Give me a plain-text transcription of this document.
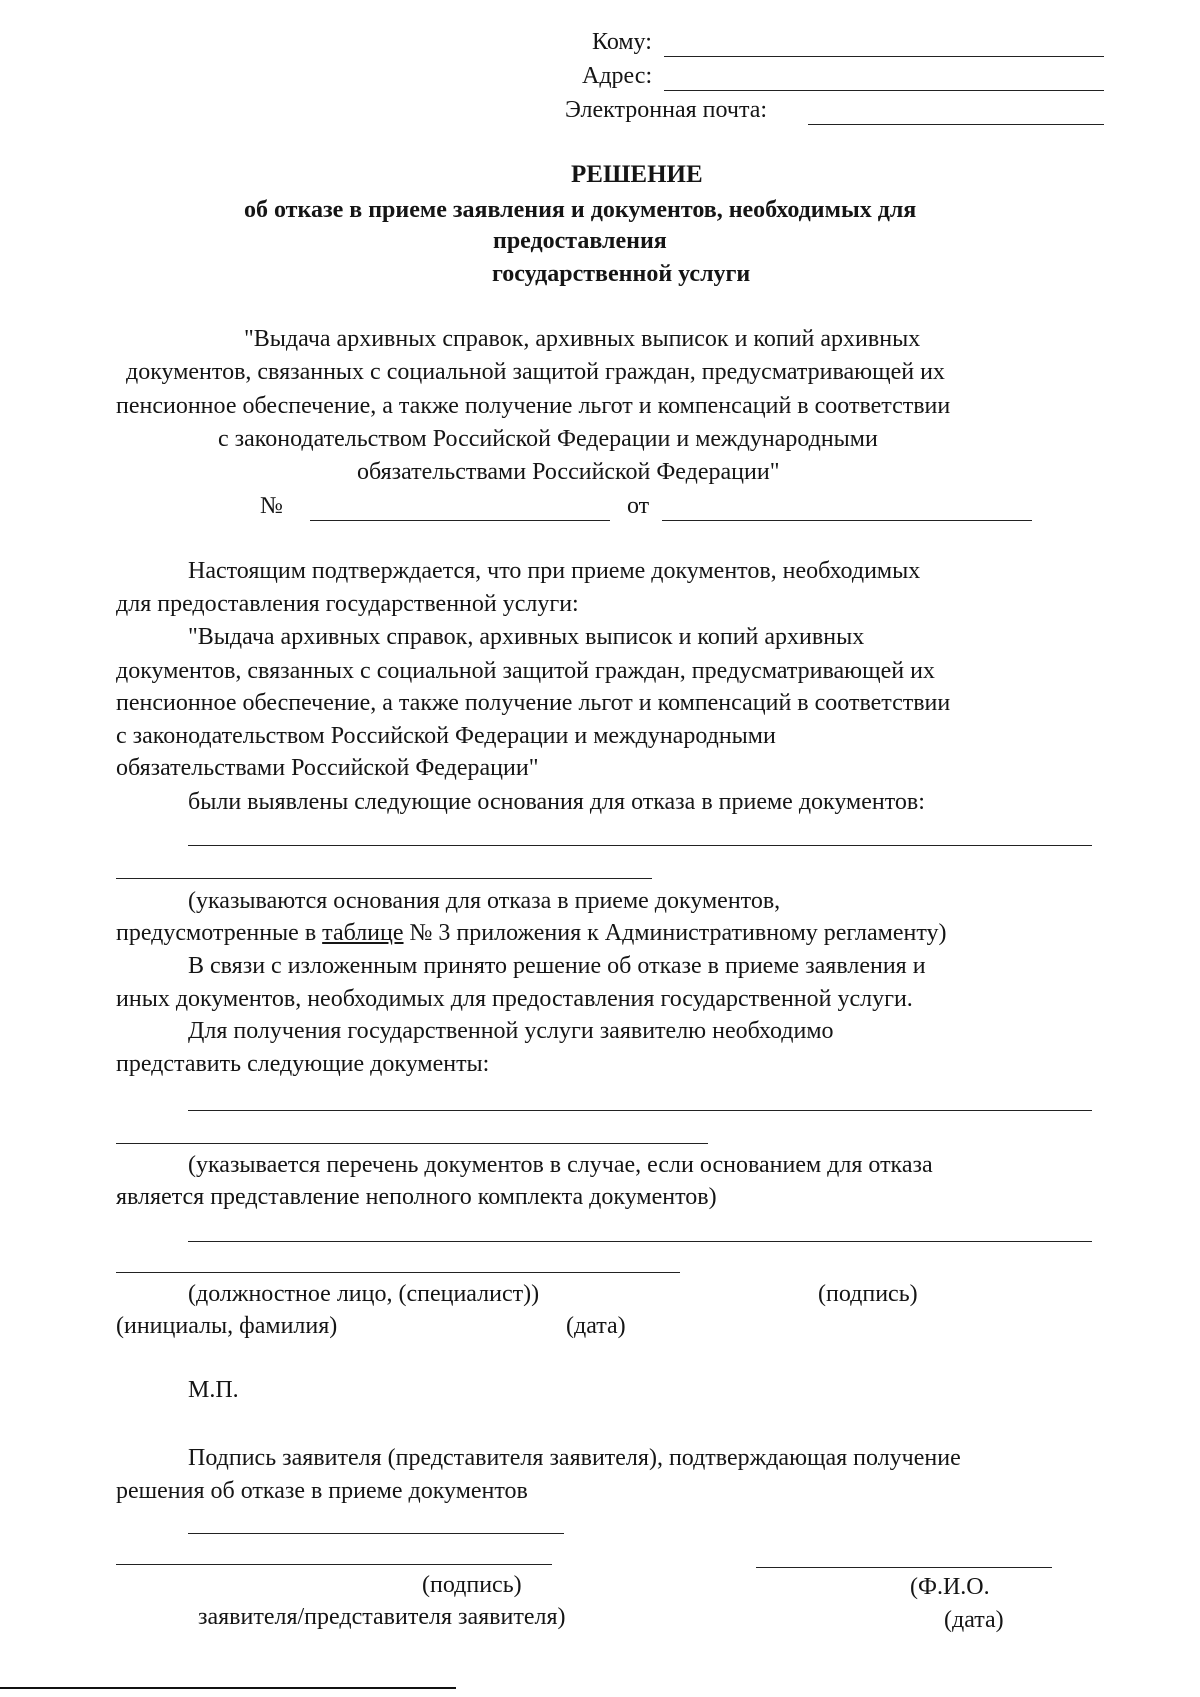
Кому:
Адрес:
Электронная почта:
РЕШЕНИЕ
об отказе в приеме заявления и документов, необходимых для
предоставления
государственной услуги
"Выдача архивных справок, архивных выписок и копий архивных
документов, связанных с социальной защитой граждан, предусматривающей их
пенсионное обеспечение, а также получение льгот и компенсаций в соответствии
с законодательством Российской Федерации и международными
обязательствами Российской Федерации"
№	от
Настоящим подтверждается, что при приеме документов, необходимых
для предоставления государственной услуги:
"Выдача архивных справок, архивных выписок и копий архивных
документов, связанных с социальной защитой граждан, предусматривающей их
пенсионное обеспечение, а также получение льгот и компенсаций в соответствии
с законодательством Российской Федерации и международными
обязательствами Российской Федерации"
были выявлены следующие основания для отказа в приеме документов:
(указываются основания для отказа в приеме документов,
предусмотренные в таблице № 3 приложения к Административному регламенту)
В связи с изложенным принято решение об отказе в приеме заявления и
иных документов, необходимых для предоставления государственной услуги.
Для получения государственной услуги заявителю необходимо
представить следующие документы:
(указывается перечень документов в случае, если основанием для отказа
является представление неполного комплекта документов)
(должностное лицо, (специалист))	(подпись)
(инициалы, фамилия)	(дата)
М.П.
Подпись заявителя (представителя заявителя), подтверждающая получение
решения об отказе в приеме документов
(подпись)	(Ф.И.О.
заявителя/представителя заявителя)	(дата)
